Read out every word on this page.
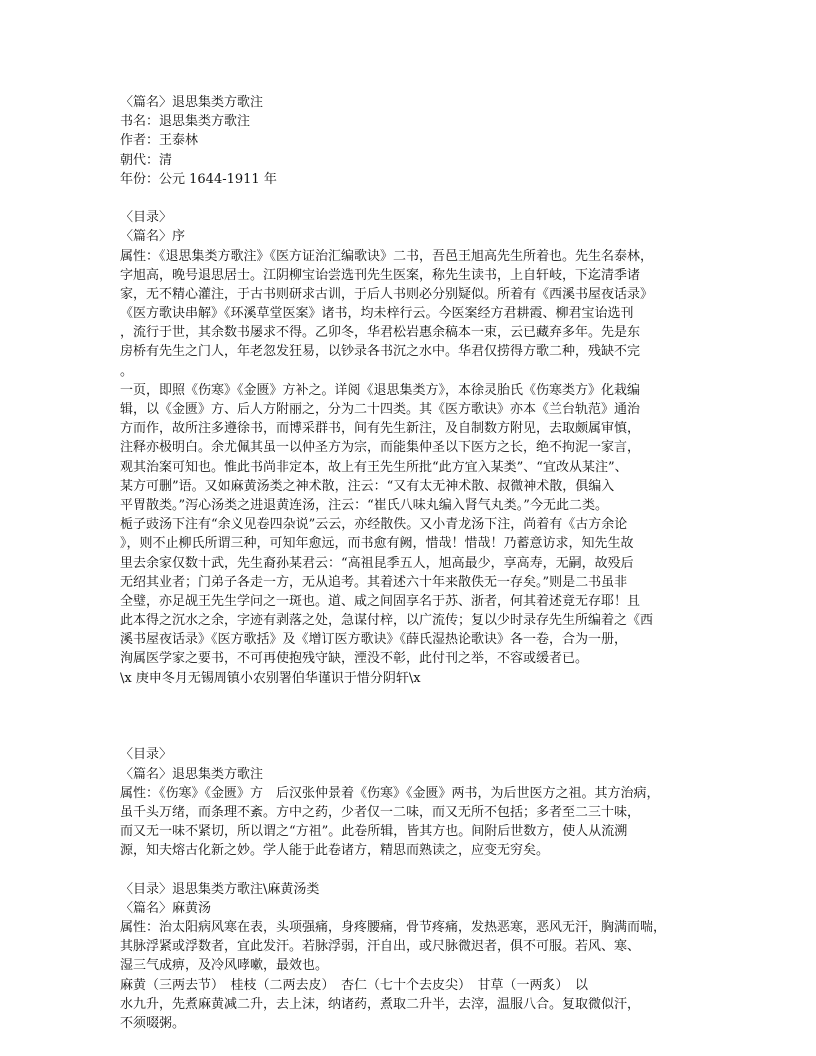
〈篇名〉退思集类方歌注
书名：退思集类方歌注
作者：王泰林
朝代：清
年份：公元 1644-1911 年
〈目录〉
〈篇名〉序
属性：《退思集类方歌注》《医方证治汇编歌诀》二书，吾邑王旭高先生所着也。先生名泰林，
字旭高，晚号退思居士。江阴柳宝诒尝选刊先生医案，称先生读书，上自轩岐，下迄清季诸
家，无不精心灌注，于古书则研求古训，于后人书则必分别疑似。所着有《西溪书屋夜话录》
《医方歌诀串解》《环溪草堂医案》诸书，均未梓行云。今医案经方君耕霞、柳君宝诒选刊
，流行于世，其余数书屡求不得。乙卯冬，华君松岩惠余稿本一束，云已藏弃多年。先是东
房桥有先生之门人，年老忽发狂易，以钞录各书沉之水中。华君仅捞得方歌二种，残缺不完
。
一页，即照《伤寒》《金匮》方补之。详阅《退思集类方》，本徐灵胎氏《伤寒类方》化栽编
辑，以《金匮》方、后人方附丽之，分为二十四类。其《医方歌诀》亦本《兰台轨范》通治
方而作，故所注多遵徐书，而博采群书，间有先生新注，及自制数方附见，去取颇属审慎，
注释亦极明白。余尤佩其虽一以仲圣方为宗，而能集仲圣以下医方之长，绝不拘泥一家言，
观其治案可知也。惟此书尚非定本，故上有王先生所批“此方宜入某类”、“宜改从某注”、
某方可删”语。又如麻黄汤类之神术散，注云：“又有太无神术散、叔微神术散，俱编入
平胃散类。”泻心汤类之进退黄连汤，注云：“崔氏八味丸编入肾气丸类。”今无此二类。
栀子豉汤下注有“余义见卷四杂说”云云，亦经散佚。又小青龙汤下注，尚着有《古方余论
》，则不止柳氏所谓三种，可知年愈远，而书愈有阙，惜哉！惜哉！乃蓄意访求，知先生故
里去余家仅数十武，先生裔孙某君云：“高祖昆季五人，旭高最少，享高寿，无嗣，故殁后
无绍其业者；门弟子各走一方，无从追考。其着述六十年来散佚无一存矣。”则是二书虽非
全璧，亦足觇王先生学问之一斑也。道、咸之间固享名于苏、浙者，何其着述竟无存耶！且
此本得之沉水之余，字迹有剥落之处，急谋付梓，以广流传；复以少时录存先生所编着之《西
溪书屋夜话录》《医方歌括》及《增订医方歌诀》《薛氏湿热论歌诀》各一卷，合为一册，
洵属医学家之要书，不可再使抱残守缺，湮没不彰，此付刊之举，不容或缓者已。
\x 庚申冬月无锡周镇小农别署伯华谨识于惜分阴轩\x
〈目录〉
〈篇名〉退思集类方歌注
属性：《伤寒》《金匮》方　后汉张仲景着《伤寒》《金匮》两书，为后世医方之祖。其方治病，
虽千头万绪，而条理不紊。方中之药，少者仅一二味，而又无所不包括；多者至二三十味，
而又无一味不紧切，所以谓之“方祖”。此卷所辑，皆其方也。间附后世数方，使人从流溯
源，知夫熔古化新之妙。学人能于此卷诸方，精思而熟读之，应变无穷矣。
〈目录〉退思集类方歌注\麻黄汤类
〈篇名〉麻黄汤
属性：治太阳病风寒在表，头项强痛，身疼腰痛，骨节疼痛，发热恶寒，恶风无汗，胸满而喘，
其脉浮紧或浮数者，宜此发汗。若脉浮弱，汗自出，或尺脉微迟者，俱不可服。若风、寒、
湿三气成痹，及冷风哮嗽，最效也。
麻黄（三两去节）　桂枝（二两去皮）　杏仁（七十个去皮尖）　甘草（一两炙）　以
水九升，先煮麻黄减二升，去上沫，纳诸药，煮取二升半，去滓，温服八合。复取微似汗，
不须啜粥。
